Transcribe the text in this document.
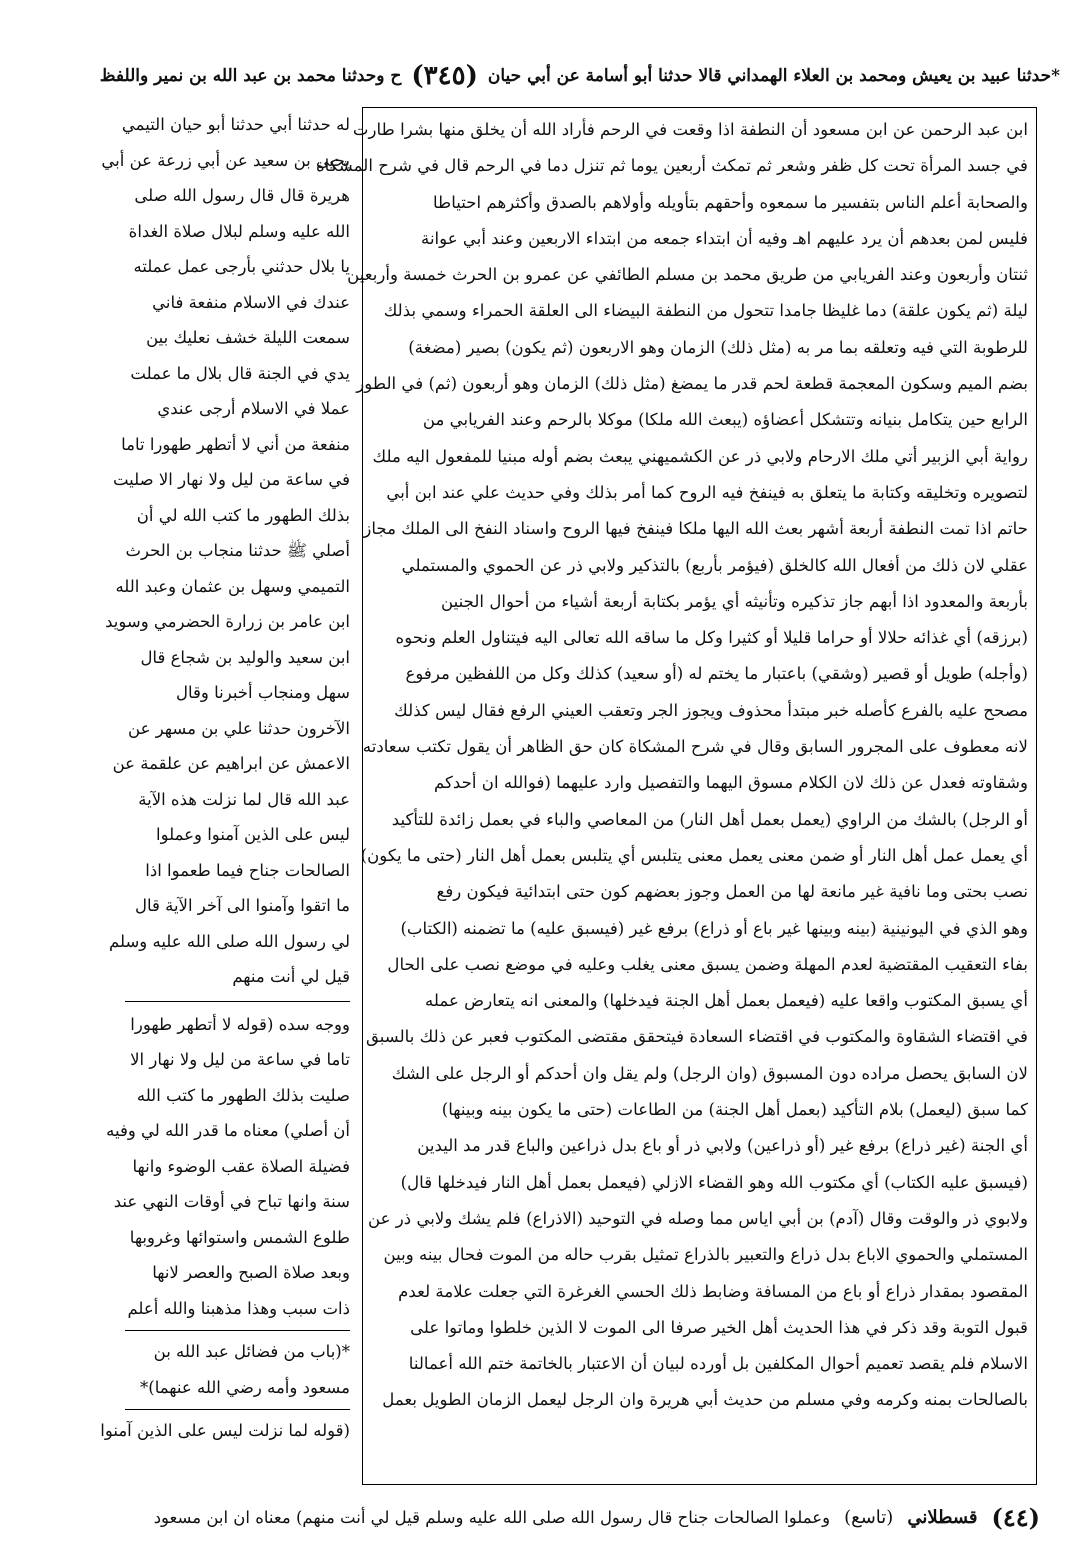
*حدثنا عبيد بن يعيش ومحمد بن العلاء الهمداني قالا حدثنا أبو أسامة عن أبي حيان
(٣٤٥)
ح وحدثنا محمد بن عبد الله بن نمير واللفظ
ابن عبد الرحمن عن ابن مسعود أن النطفة اذا وقعت في الرحم فأراد الله أن يخلق منها بشرا طارت
في جسد المرأة تحت كل ظفر وشعر ثم تمكث أربعين يوما ثم تنزل دما في الرحم قال في شرح المشكاة
والصحابة أعلم الناس بتفسير ما سمعوه وأحقهم بتأويله وأولاهم بالصدق وأكثرهم احتياطا
فليس لمن بعدهم أن يرد عليهم اهـ وفيه أن ابتداء جمعه من ابتداء الاربعين وعند أبي عوانة
ثنتان وأربعون وعند الفريابي من طريق محمد بن مسلم الطائفي عن عمرو بن الحرث خمسة وأربعين
ليلة (ثم يكون علقة) دما غليظا جامدا تتحول من النطفة البيضاء الى العلقة الحمراء وسمي بذلك
للرطوبة التي فيه وتعلقه بما مر به (مثل ذلك) الزمان وهو الاربعون (ثم يكون) بصير (مضغة)
بضم الميم وسكون المعجمة قطعة لحم قدر ما يمضغ (مثل ذلك) الزمان وهو أربعون (ثم) في الطور
الرابع حين يتكامل بنيانه وتتشكل أعضاؤه (يبعث الله ملكا) موكلا بالرحم وعند الفريابي من
رواية أبي الزبير أتي ملك الارحام ولابي ذر عن الكشميهني يبعث بضم أوله مبنيا للمفعول اليه ملك
لتصويره وتخليقه وكتابة ما يتعلق به فينفخ فيه الروح كما أمر بذلك وفي حديث علي عند ابن أبي
حاتم اذا تمت النطفة أربعة أشهر بعث الله اليها ملكا فينفخ فيها الروح واسناد النفخ الى الملك مجاز
عقلي لان ذلك من أفعال الله كالخلق (فيؤمر بأربع) بالتذكير ولابي ذر عن الحموي والمستملي
بأربعة والمعدود اذا أبهم جاز تذكيره وتأنيثه أي يؤمر بكتابة أربعة أشياء من أحوال الجنين
(برزقه) أي غذائه حلالا أو حراما قليلا أو كثيرا وكل ما ساقه الله تعالى اليه فيتناول العلم ونحوه
(وأجله) طويل أو قصير (وشقي) باعتبار ما يختم له (أو سعيد) كذلك وكل من اللفظين مرفوع
مصحح عليه بالفرع كأصله خبر مبتدأ محذوف ويجوز الجر وتعقب العيني الرفع فقال ليس كذلك
لانه معطوف على المجرور السابق وقال في شرح المشكاة كان حق الظاهر أن يقول تكتب سعادته
وشقاوته فعدل عن ذلك لان الكلام مسوق اليهما والتفصيل وارد عليهما (فوالله ان أحدكم
أو الرجل) بالشك من الراوي (يعمل بعمل أهل النار) من المعاصي والباء في بعمل زائدة للتأكيد
أي يعمل عمل أهل النار أو ضمن معنى يعمل معنى يتلبس أي يتلبس بعمل أهل النار (حتى ما يكون)
نصب بحتى وما نافية غير مانعة لها من العمل وجوز بعضهم كون حتى ابتدائية فيكون رفع
وهو الذي في اليونينية (بينه وبينها غير باع أو ذراع) برفع غير (فيسبق عليه) ما تضمنه (الكتاب)
بفاء التعقيب المقتضية لعدم المهلة وضمن يسبق معنى يغلب وعليه في موضع نصب على الحال
أي يسبق المكتوب واقعا عليه (فيعمل بعمل أهل الجنة فيدخلها) والمعنى انه يتعارض عمله
في اقتضاء الشقاوة والمكتوب في اقتضاء السعادة فيتحقق مقتضى المكتوب فعبر عن ذلك بالسبق
لان السابق يحصل مراده دون المسبوق (وان الرجل) ولم يقل وان أحدكم أو الرجل على الشك
كما سبق (ليعمل) بلام التأكيد (بعمل أهل الجنة) من الطاعات (حتى ما يكون بينه وبينها)
أي الجنة (غير ذراع) برفع غير (أو ذراعين) ولابي ذر أو باع بدل ذراعين والباع قدر مد اليدين
(فيسبق عليه الكتاب) أي مكتوب الله وهو القضاء الازلي (فيعمل بعمل أهل النار فيدخلها قال)
ولابوي ذر والوقت وقال (آدم) بن أبي اياس مما وصله في التوحيد (الاذراع) فلم يشك ولابي ذر عن
المستملي والحموي الاباع بدل ذراع والتعبير بالذراع تمثيل بقرب حاله من الموت فحال بينه وبين
المقصود بمقدار ذراع أو باع من المسافة وضابط ذلك الحسي الغرغرة التي جعلت علامة لعدم
قبول التوبة وقد ذكر في هذا الحديث أهل الخير صرفا الى الموت لا الذين خلطوا وماتوا على
الاسلام فلم يقصد تعميم أحوال المكلفين بل أورده لبيان أن الاعتبار بالخاتمة ختم الله أعمالنا
بالصالحات بمنه وكرمه وفي مسلم من حديث أبي هريرة وان الرجل ليعمل الزمان الطويل بعمل
له حدثنا أبي حدثنا أبو حيان التيمي
يحيى بن سعيد عن أبي زرعة عن أبي
هريرة قال قال رسول الله صلى
الله عليه وسلم لبلال صلاة الغداة
يا بلال حدثني بأرجى عمل عملته
عندك في الاسلام منفعة فاني
سمعت الليلة خشف نعليك بين
يدي في الجنة قال بلال ما عملت
عملا في الاسلام أرجى عندي
منفعة من أني لا أتطهر طهورا تاما
في ساعة من ليل ولا نهار الا صليت
بذلك الطهور ما كتب الله لي أن
أصلي ﷺ حدثنا منجاب بن الحرث
التميمي وسهل بن عثمان وعبد الله
ابن عامر بن زرارة الحضرمي وسويد
ابن سعيد والوليد بن شجاع قال
سهل ومنجاب أخبرنا وقال
الآخرون حدثنا علي بن مسهر عن
الاعمش عن ابراهيم عن علقمة عن
عبد الله قال لما نزلت هذه الآية
ليس على الذين آمنوا وعملوا
الصالحات جناح فيما طعموا اذا
ما اتقوا وآمنوا الى آخر الآية قال
لي رسول الله صلى الله عليه وسلم
قيل لي أنت منهم
ووجه سده (قوله لا أتطهر طهورا
تاما في ساعة من ليل ولا نهار الا
صليت بذلك الطهور ما كتب الله
أن أصلي) معناه ما قدر الله لي وفيه
فضيلة الصلاة عقب الوضوء وانها
سنة وانها تباح في أوقات النهي عند
طلوع الشمس واستوائها وغروبها
وبعد صلاة الصبح والعصر لانها
ذات سبب وهذا مذهبنا والله أعلم
*(باب من فضائل عبد الله بن
مسعود وأمه رضي الله عنهما)*
(قوله لما نزلت ليس على الذين آمنوا
(٤٤)
قسطلاني
(تاسع)
وعملوا الصالحات جناح قال رسول الله صلى الله عليه وسلم قيل لي أنت منهم) معناه ان ابن مسعود
